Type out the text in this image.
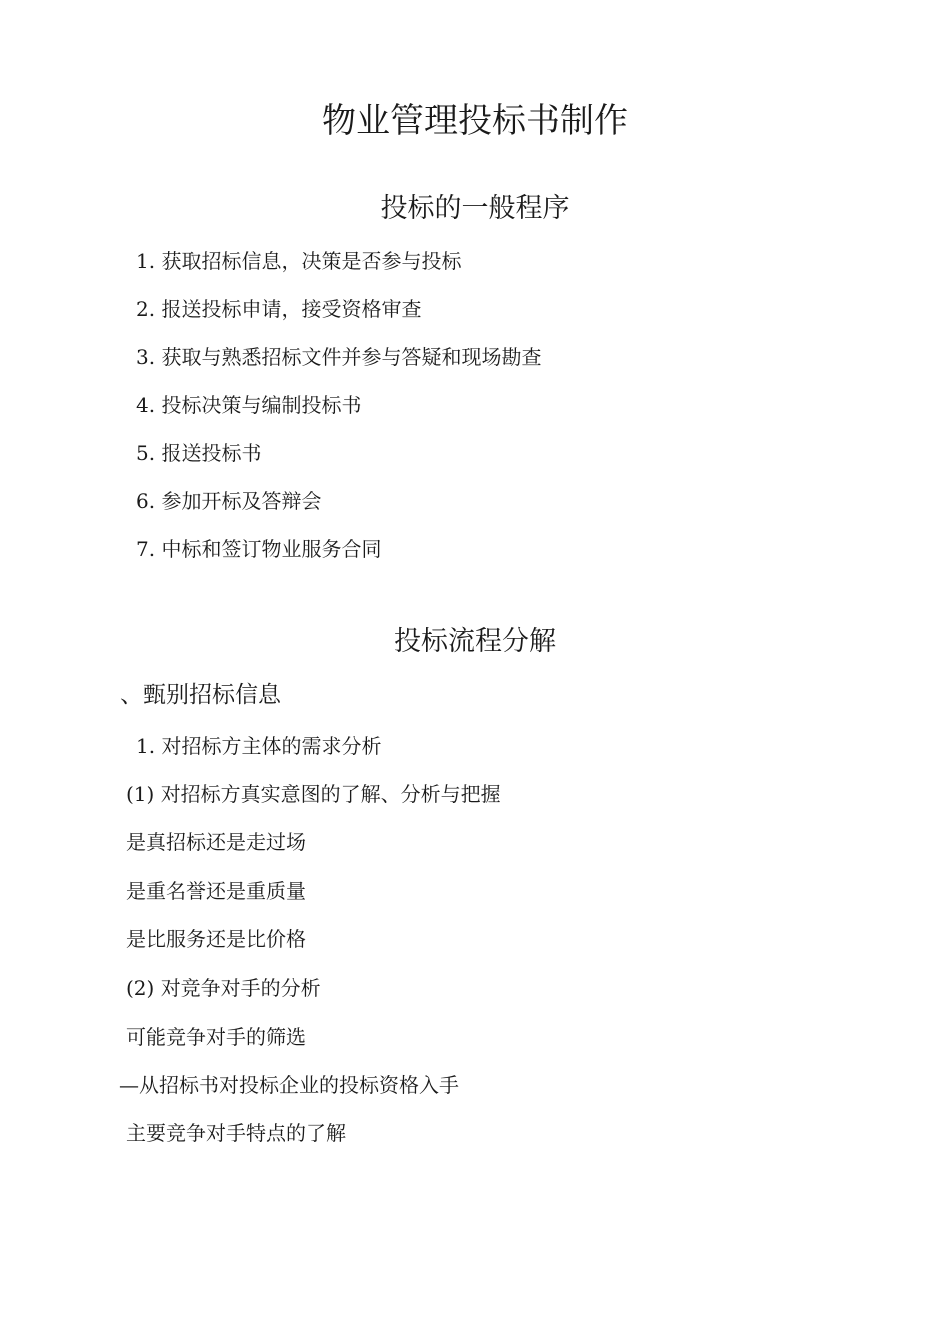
物业管理投标书制作
投标的一般程序
1. 获取招标信息，决策是否参与投标
2. 报送投标申请，接受资格审查
3. 获取与熟悉招标文件并参与答疑和现场勘查
4. 投标决策与编制投标书
5. 报送投标书
6. 参加开标及答辩会
7. 中标和签订物业服务合同
投标流程分解
、甄别招标信息
1. 对招标方主体的需求分析
(1) 对招标方真实意图的了解、分析与把握
是真招标还是走过场
是重名誉还是重质量
是比服务还是比价格
(2) 对竞争对手的分析
可能竞争对手的筛选
—从招标书对投标企业的投标资格入手
主要竞争对手特点的了解
